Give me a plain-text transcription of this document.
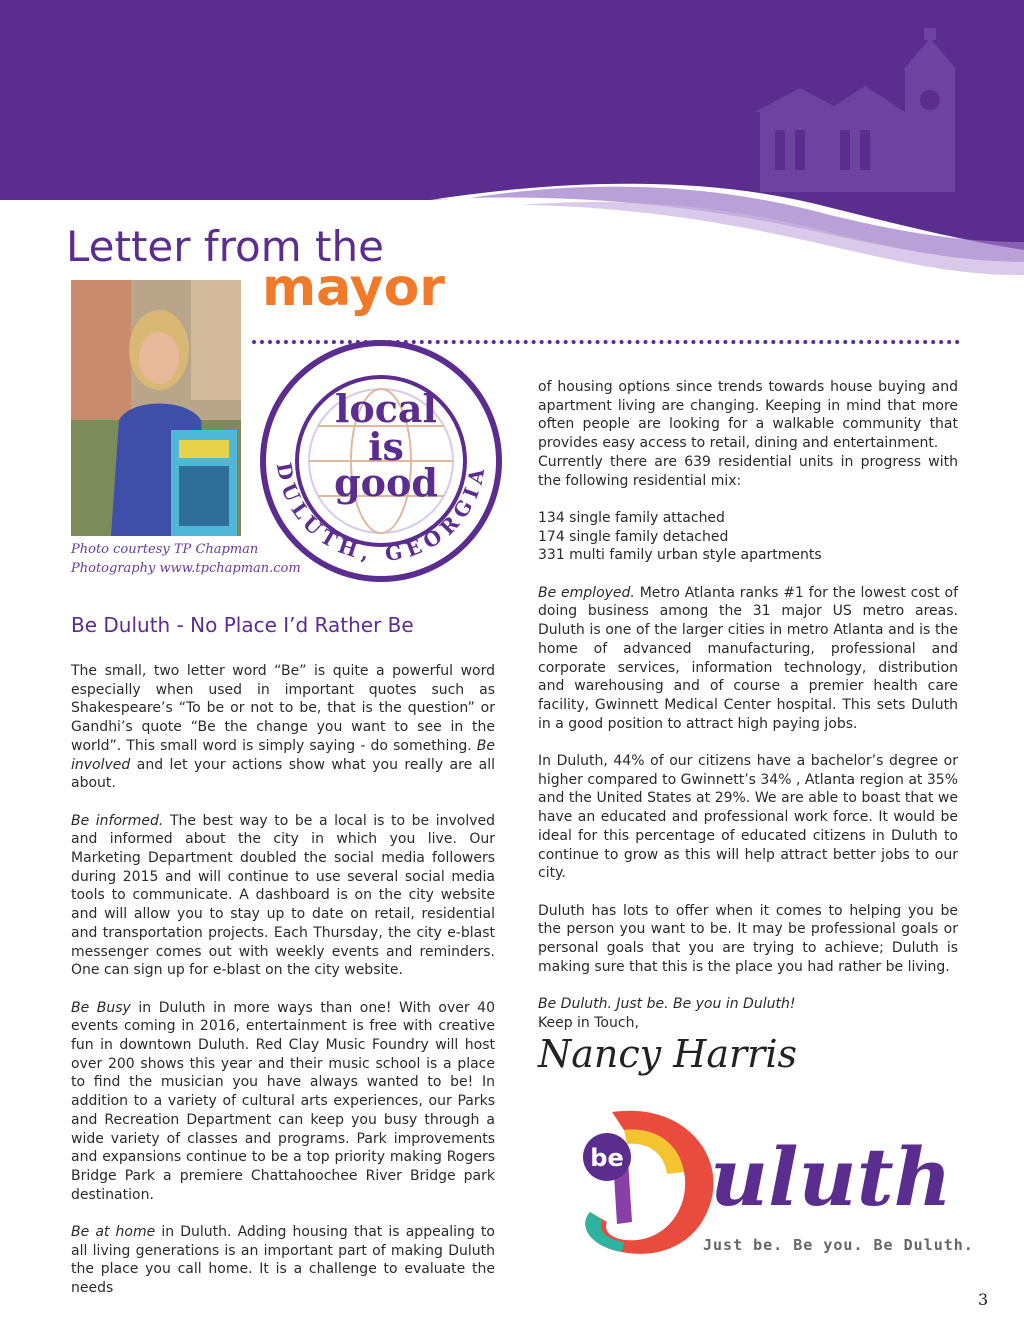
Letter from the
mayor
Photo courtesy TP Chapman
Photography www.tpchapman.com
local
is
good
DULUTH, GEORGIA
Be Duluth - No Place I’d Rather Be

The small, two letter word “Be” is quite a powerful word especially when used in important quotes such as Shakespeare’s “To be or not to be, that is the question” or Gandhi’s quote “Be the change you want to see in the world”. This small word is simply saying - do something. Be involved and let your actions show what you really are all about.

Be informed. The best way to be a local is to be involved and informed about the city in which you live. Our Marketing Department doubled the social media followers during 2015 and will continue to use several social media tools to communicate. A dashboard is on the city website and will allow you to stay up to date on retail, residential and transportation projects. Each Thursday, the city e-blast messenger comes out with weekly events and reminders. One can sign up for e-blast on the city website.

Be Busy in Duluth in more ways than one! With over 40 events coming in 2016, entertainment is free with creative fun in downtown Duluth. Red Clay Music Foundry will host over 200 shows this year and their music school is a place to find the musician you have always wanted to be! In addition to a variety of cultural arts experiences, our Parks and Recreation Department can keep you busy through a wide variety of classes and programs. Park improvements and expansions continue to be a top priority making Rogers Bridge Park a premiere Chattahoochee River Bridge park destination.

Be at home in Duluth. Adding housing that is appealing to all living generations is an important part of making Duluth the place you call home. It is a challenge to evaluate the needs

of housing options since trends towards house buying and apartment living are changing. Keeping in mind that more often people are looking for a walkable community that provides easy access to retail, dining and entertainment.

Currently there are 639 residential units in progress with the following residential mix:

134 single family attached

174 single family detached

331 multi family urban style apartments

Be employed. Metro Atlanta ranks #1 for the lowest cost of doing business among the 31 major US metro areas. Duluth is one of the larger cities in metro Atlanta and is the home of advanced manufacturing, professional and corporate services, information technology, distribution and warehousing and of course a premier health care facility, Gwinnett Medical Center hospital. This sets Duluth in a good position to attract high paying jobs.

In Duluth, 44% of our citizens have a bachelor’s degree or higher compared to Gwinnett’s 34% , Atlanta region at 35% and the United States at 29%. We are able to boast that we have an educated and professional work force. It would be ideal for this percentage of educated citizens in Duluth to continue to grow as this will help attract better jobs to our city.

Duluth has lots to offer when it comes to helping you be the person you want to be. It may be professional goals or personal goals that you are trying to achieve; Duluth is making sure that this is the place you had rather be living.

Be Duluth. Just be. Be you in Duluth!

Keep in Touch,

Nancy Harris
be uluth
Just be. Be you. Be Duluth.
3
